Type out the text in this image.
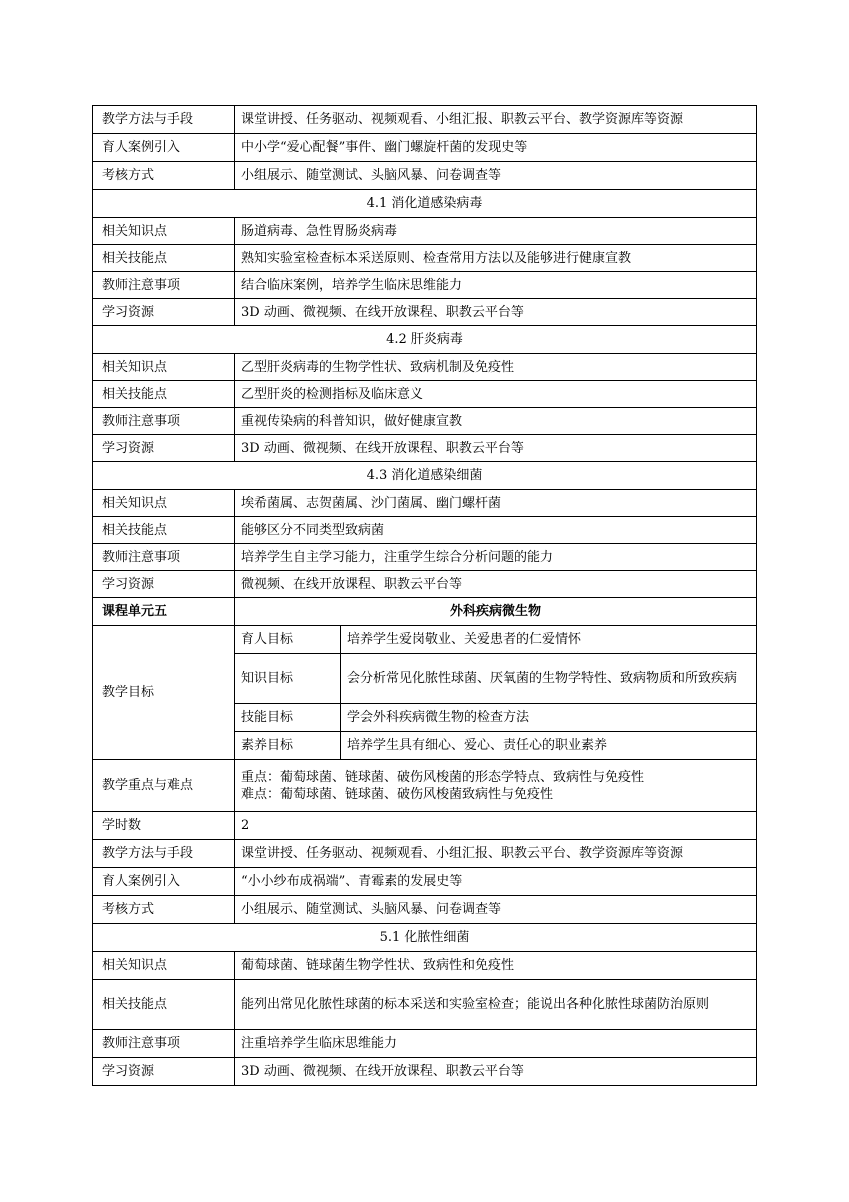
教学方法与手段	课堂讲授、任务驱动、视频观看、小组汇报、职教云平台、教学资源库等资源	
育人案例引入	中小学“爱心配餐”事件、幽门螺旋杆菌的发现史等	
考核方式	小组展示、随堂测试、头脑风暴、问卷调查等	
4.1 消化道感染病毒		
相关知识点	肠道病毒、急性胃肠炎病毒	
相关技能点	熟知实验室检查标本采送原则、检查常用方法以及能够进行健康宣教	
教师注意事项	结合临床案例，培养学生临床思维能力	
学习资源	3D 动画、微视频、在线开放课程、职教云平台等	
4.2 肝炎病毒		
相关知识点	乙型肝炎病毒的生物学性状、致病机制及免疫性	
相关技能点	乙型肝炎的检测指标及临床意义	
教师注意事项	重视传染病的科普知识，做好健康宣教	
学习资源	3D 动画、微视频、在线开放课程、职教云平台等	
4.3 消化道感染细菌		
相关知识点	埃希菌属、志贺菌属、沙门菌属、幽门螺杆菌	
相关技能点	能够区分不同类型致病菌	
教师注意事项	培养学生自主学习能力，注重学生综合分析问题的能力	
学习资源	微视频、在线开放课程、职教云平台等	
课程单元五	外科疾病微生物	
教学目标	育人目标	培养学生爱岗敬业、关爱患者的仁爱情怀
	知识目标	会分析常见化脓性球菌、厌氧菌的生物学特性、致病物质和所致疾病
	技能目标	学会外科疾病微生物的检查方法
	素养目标	培养学生具有细心、爱心、责任心的职业素养
教学重点与难点	重点：葡萄球菌、链球菌、破伤风梭菌的形态学特点、致病性与免疫性
难点：葡萄球菌、链球菌、破伤风梭菌致病性与免疫性	

学时数	2	
教学方法与手段	课堂讲授、任务驱动、视频观看、小组汇报、职教云平台、教学资源库等资源	
育人案例引入	“小小纱布成祸端”、青霉素的发展史等	
考核方式	小组展示、随堂测试、头脑风暴、问卷调查等	
5.1 化脓性细菌		
相关知识点	葡萄球菌、链球菌生物学性状、致病性和免疫性	
相关技能点	能列出常见化脓性球菌的标本采送和实验室检查；能说出各种化脓性球菌防治原则	
教师注意事项	注重培养学生临床思维能力	
学习资源	3D 动画、微视频、在线开放课程、职教云平台等	
